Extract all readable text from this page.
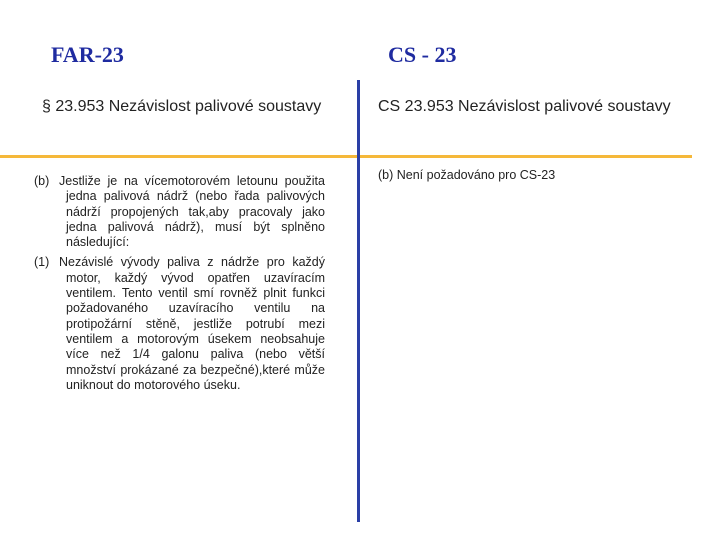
FAR-23	CS - 23
§ 23.953 Nezávislost palivové soustavy	CS 23.953 Nezávislost palivové soustavy

(b) Jestliže je na vícemotorovém letounu použita jedna palivová nádrž (nebo řada palivových nádrží propojených tak,aby pracovaly jako jedna palivová nádrž), musí být splněno následující:

(1) Nezávislé vývody paliva z nádrže pro každý motor, každý vývod opatřen uzavíracím ventilem. Tento ventil smí rovněž plnit funkci požadovaného uzavíracího ventilu na protipožární stěně, jestliže potrubí mezi ventilem a motorovým úsekem neobsahuje více než 1/4 galonu paliva (nebo větší množství prokázané za bezpečné),které může uniknout do motorového úseku.

(b) Není požadováno pro CS-23
